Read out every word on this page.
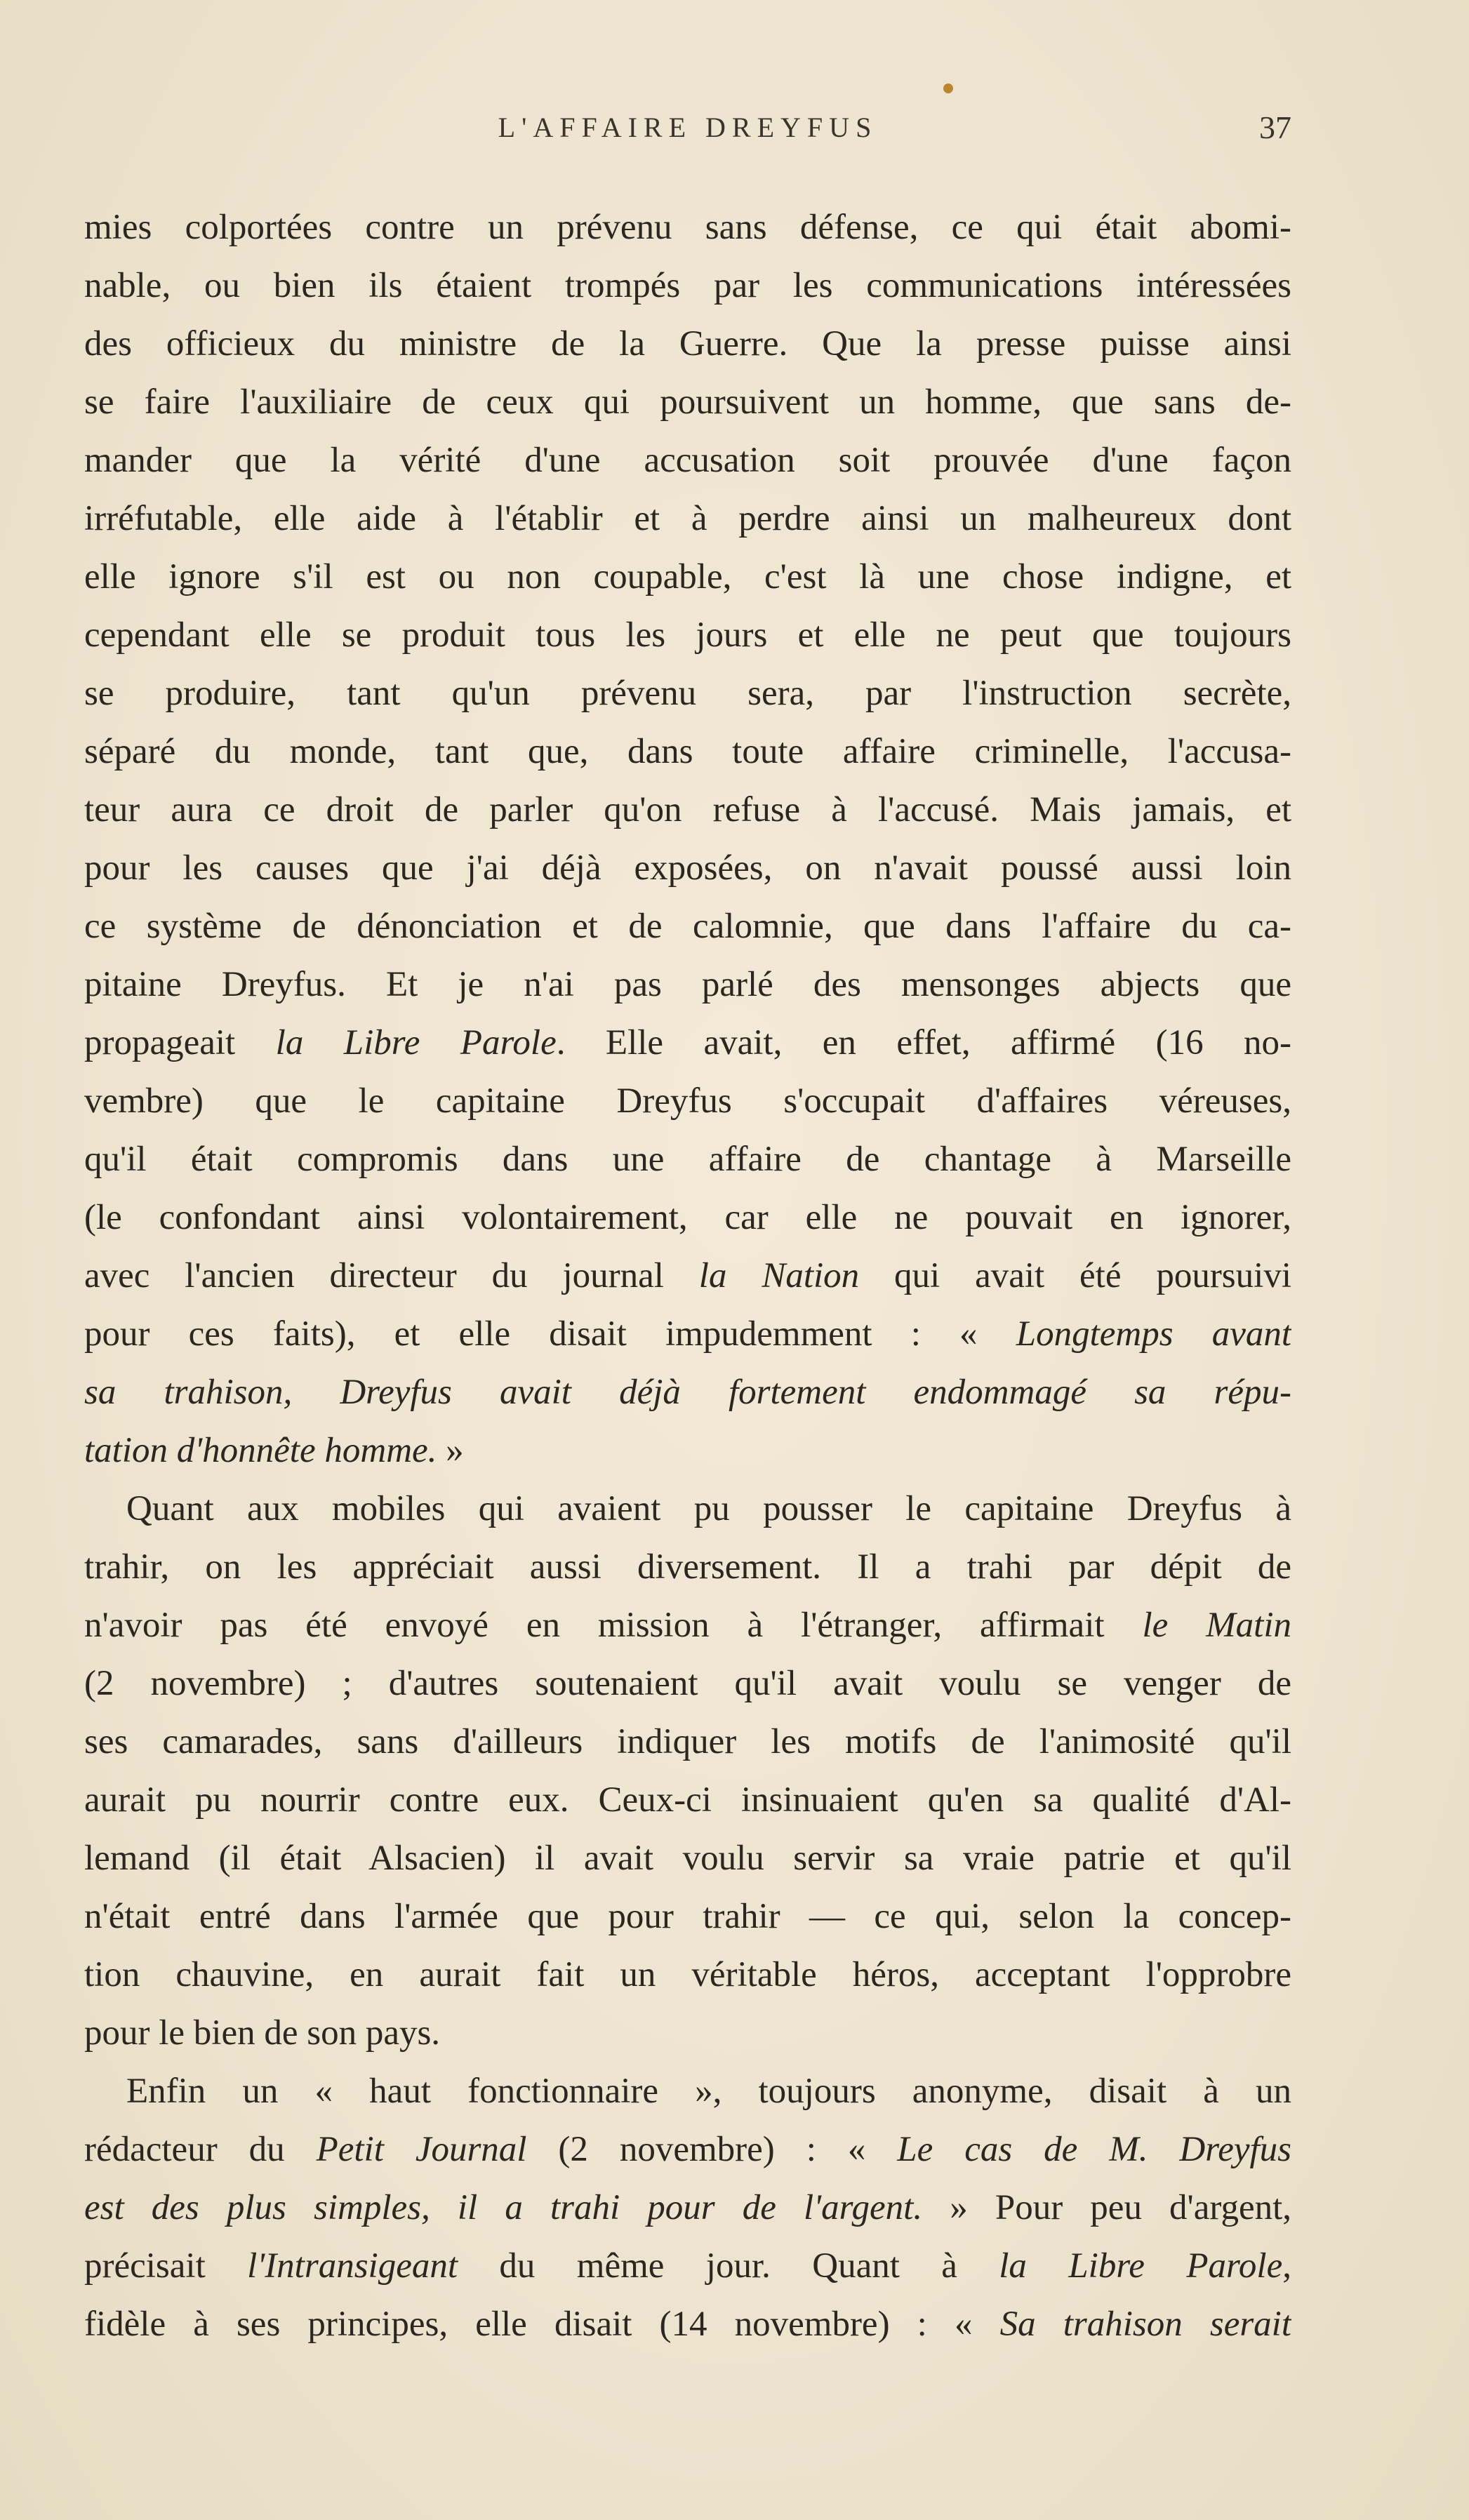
L'AFFAIRE DREYFUS	37
mies colportées contre un prévenu sans défense, ce qui était abomi-
nable, ou bien ils étaient trompés par les communications intéressées
des officieux du ministre de la Guerre. Que la presse puisse ainsi
se faire l'auxiliaire de ceux qui poursuivent un homme, que sans de-
mander que la vérité d'une accusation soit prouvée d'une façon
irréfutable, elle aide à l'établir et à perdre ainsi un malheureux dont
elle ignore s'il est ou non coupable, c'est là une chose indigne, et
cependant elle se produit tous les jours et elle ne peut que toujours
se produire, tant qu'un prévenu sera, par l'instruction secrète,
séparé du monde, tant que, dans toute affaire criminelle, l'accusa-
teur aura ce droit de parler qu'on refuse à l'accusé. Mais jamais, et
pour les causes que j'ai déjà exposées, on n'avait poussé aussi loin
ce système de dénonciation et de calomnie, que dans l'affaire du ca-
pitaine Dreyfus. Et je n'ai pas parlé des mensonges abjects que
propageait la Libre Parole. Elle avait, en effet, affirmé (16 no-
vembre) que le capitaine Dreyfus s'occupait d'affaires véreuses,
qu'il était compromis dans une affaire de chantage à Marseille
(le confondant ainsi volontairement, car elle ne pouvait en ignorer,
avec l'ancien directeur du journal la Nation qui avait été poursuivi
pour ces faits), et elle disait impudemment : « Longtemps avant
sa trahison, Dreyfus avait déjà fortement endommagé sa répu-
tation d'honnête homme. »
Quant aux mobiles qui avaient pu pousser le capitaine Dreyfus à
trahir, on les appréciait aussi diversement. Il a trahi par dépit de
n'avoir pas été envoyé en mission à l'étranger, affirmait le Matin
(2 novembre) ; d'autres soutenaient qu'il avait voulu se venger de
ses camarades, sans d'ailleurs indiquer les motifs de l'animosité qu'il
aurait pu nourrir contre eux. Ceux-ci insinuaient qu'en sa qualité d'Al-
lemand (il était Alsacien) il avait voulu servir sa vraie patrie et qu'il
n'était entré dans l'armée que pour trahir — ce qui, selon la concep-
tion chauvine, en aurait fait un véritable héros, acceptant l'opprobre
pour le bien de son pays.
Enfin un « haut fonctionnaire », toujours anonyme, disait à un
rédacteur du Petit Journal (2 novembre) : « Le cas de M. Dreyfus
est des plus simples, il a trahi pour de l'argent. » Pour peu d'argent,
précisait l'Intransigeant du même jour. Quant à la Libre Parole,
fidèle à ses principes, elle disait (14 novembre) : « Sa trahison serait
